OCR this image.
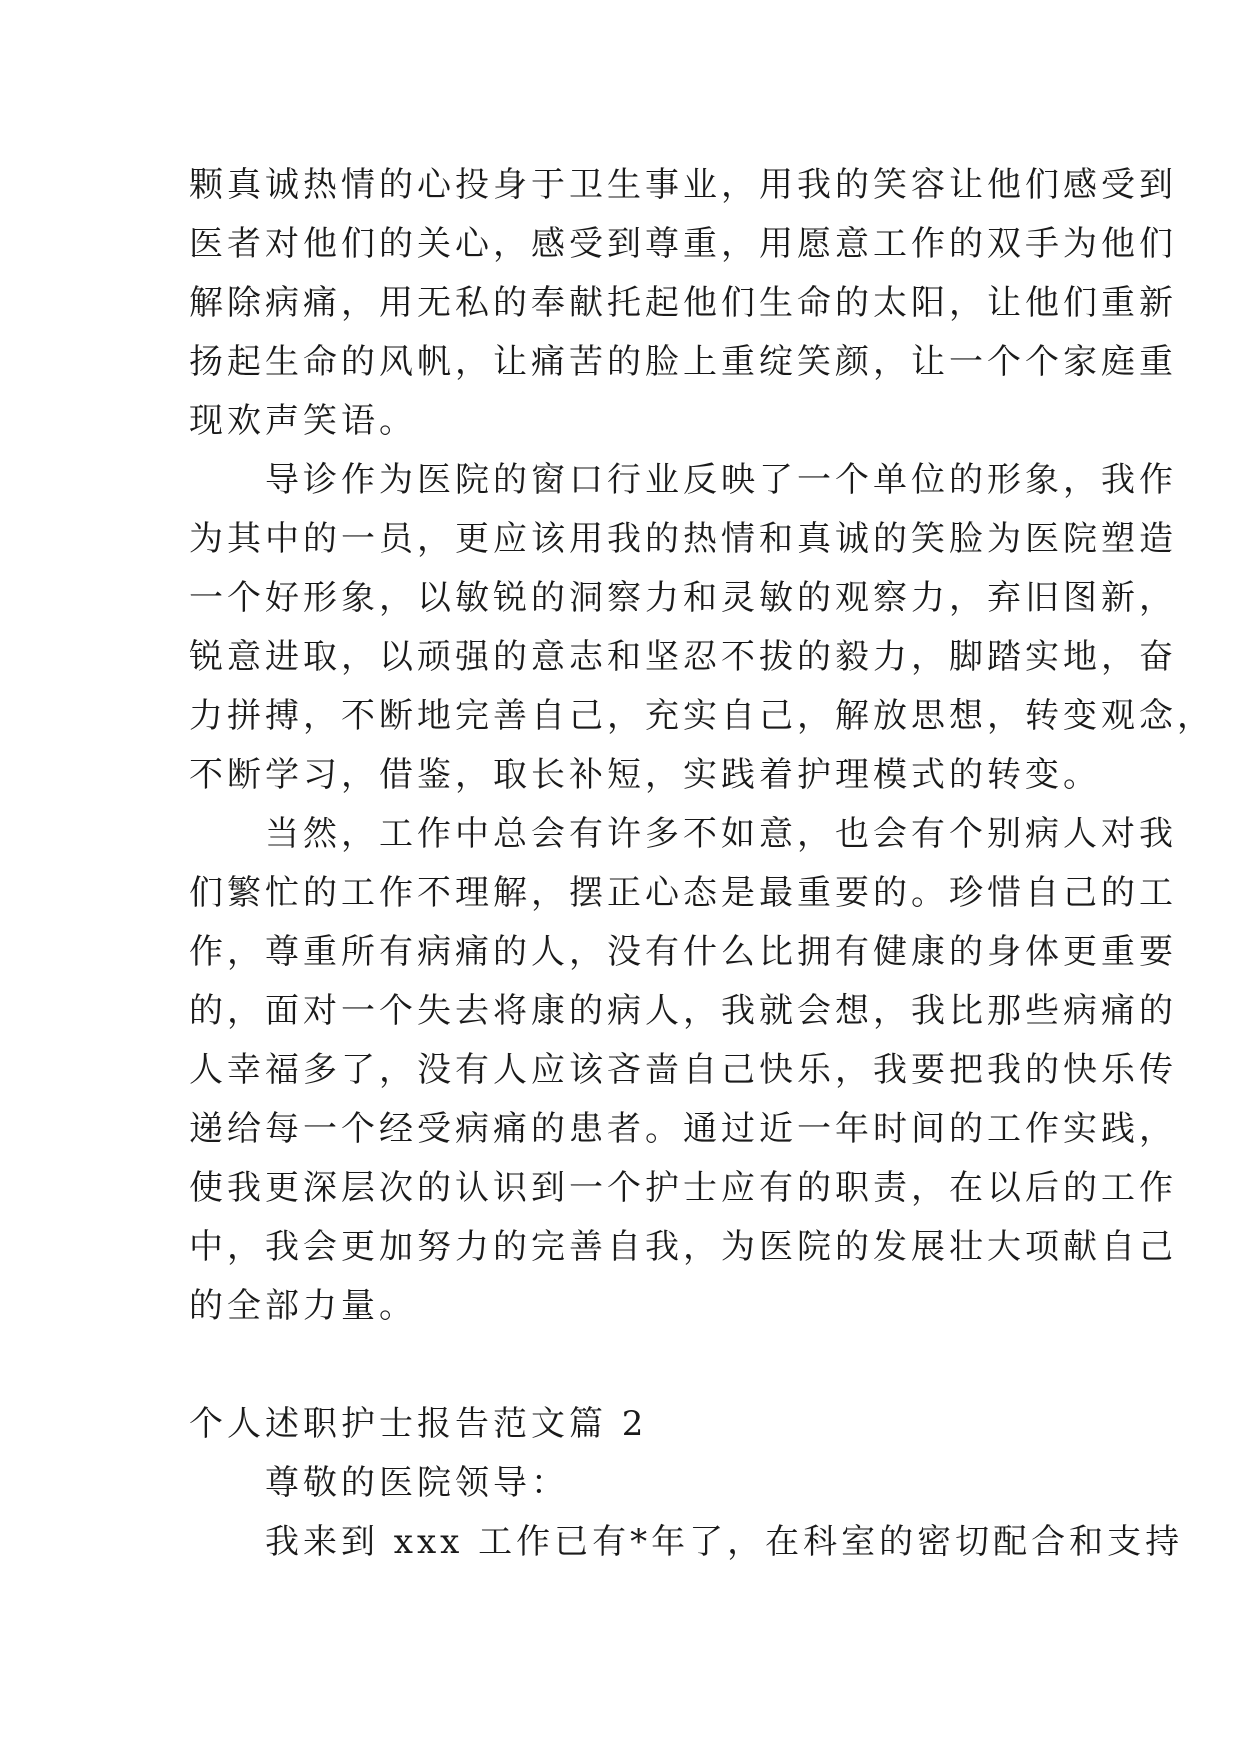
颗真诚热情的心投身于卫生事业，用我的笑容让他们感受到
医者对他们的关心，感受到尊重，用愿意工作的双手为他们
解除病痛，用无私的奉献托起他们生命的太阳，让他们重新
扬起生命的风帆，让痛苦的脸上重绽笑颜，让一个个家庭重
现欢声笑语。
　　导诊作为医院的窗口行业反映了一个单位的形象，我作
为其中的一员，更应该用我的热情和真诚的笑脸为医院塑造
一个好形象，以敏锐的洞察力和灵敏的观察力，弃旧图新，
锐意进取，以顽强的意志和坚忍不拔的毅力，脚踏实地，奋
力拼搏，不断地完善自己，充实自己，解放思想，转变观念，
不断学习，借鉴，取长补短，实践着护理模式的转变。
　　当然，工作中总会有许多不如意，也会有个别病人对我
们繁忙的工作不理解，摆正心态是最重要的。珍惜自己的工
作，尊重所有病痛的人，没有什么比拥有健康的身体更重要
的，面对一个失去将康的病人，我就会想，我比那些病痛的
人幸福多了，没有人应该吝啬自己快乐，我要把我的快乐传
递给每一个经受病痛的患者。通过近一年时间的工作实践，
使我更深层次的认识到一个护士应有的职责，在以后的工作
中，我会更加努力的完善自我，为医院的发展壮大项献自己
的全部力量。
个人述职护士报告范文篇 2
　　尊敬的医院领导：
　　我来到 xxx 工作已有*年了，在科室的密切配合和支持
